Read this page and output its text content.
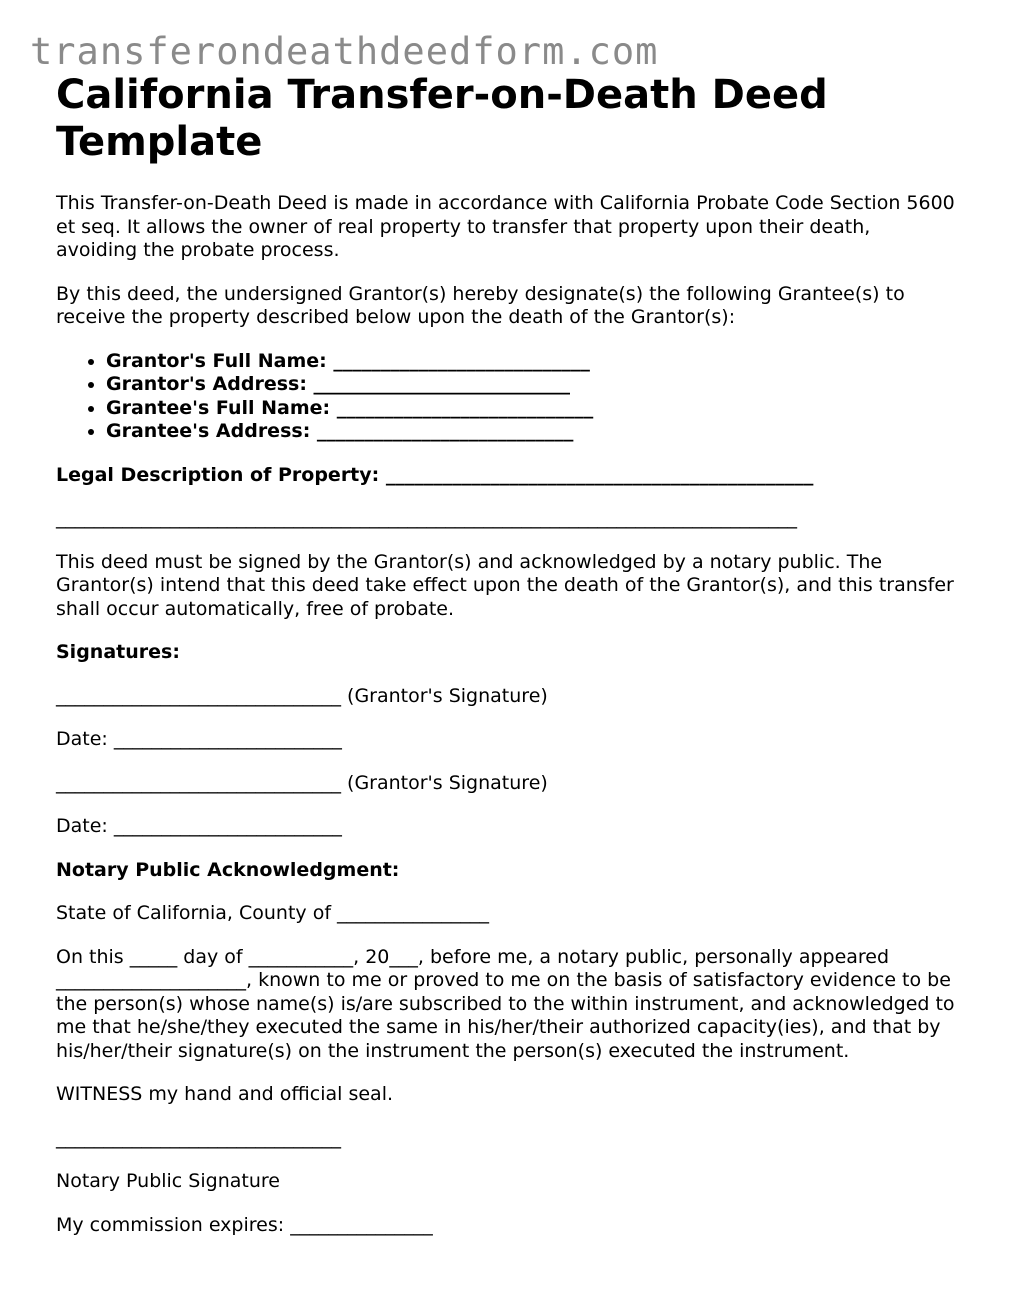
transferondeathdeedform.com
California Transfer-on-Death Deed Template

This Transfer-on-Death Deed is made in accordance with California Probate Code Section 5600 et seq. It allows the owner of real property to transfer that property upon their death, avoiding the probate process.

By this deed, the undersigned Grantor(s) hereby designate(s) the following Grantee(s) to receive the property described below upon the death of the Grantor(s):

• Grantor's Full Name: ___________________________
• Grantor's Address: ___________________________
• Grantee's Full Name: ___________________________
• Grantee's Address: ___________________________

Legal Description of Property: _____________________________________________

______________________________________________________________________________

This deed must be signed by the Grantor(s) and acknowledged by a notary public. The Grantor(s) intend that this deed take effect upon the death of the Grantor(s), and this transfer shall occur automatically, free of probate.

Signatures:

______________________________ (Grantor's Signature)

Date: ________________________

______________________________ (Grantor's Signature)

Date: ________________________

Notary Public Acknowledgment:

State of California, County of ________________

On this _____ day of ___________, 20___, before me, a notary public, personally appeared ____________________, known to me or proved to me on the basis of satisfactory evidence to be the person(s) whose name(s) is/are subscribed to the within instrument, and acknowledged to me that he/she/they executed the same in his/her/their authorized capacity(ies), and that by his/her/their signature(s) on the instrument the person(s) executed the instrument.

WITNESS my hand and official seal.

______________________________

Notary Public Signature

My commission expires: _______________
